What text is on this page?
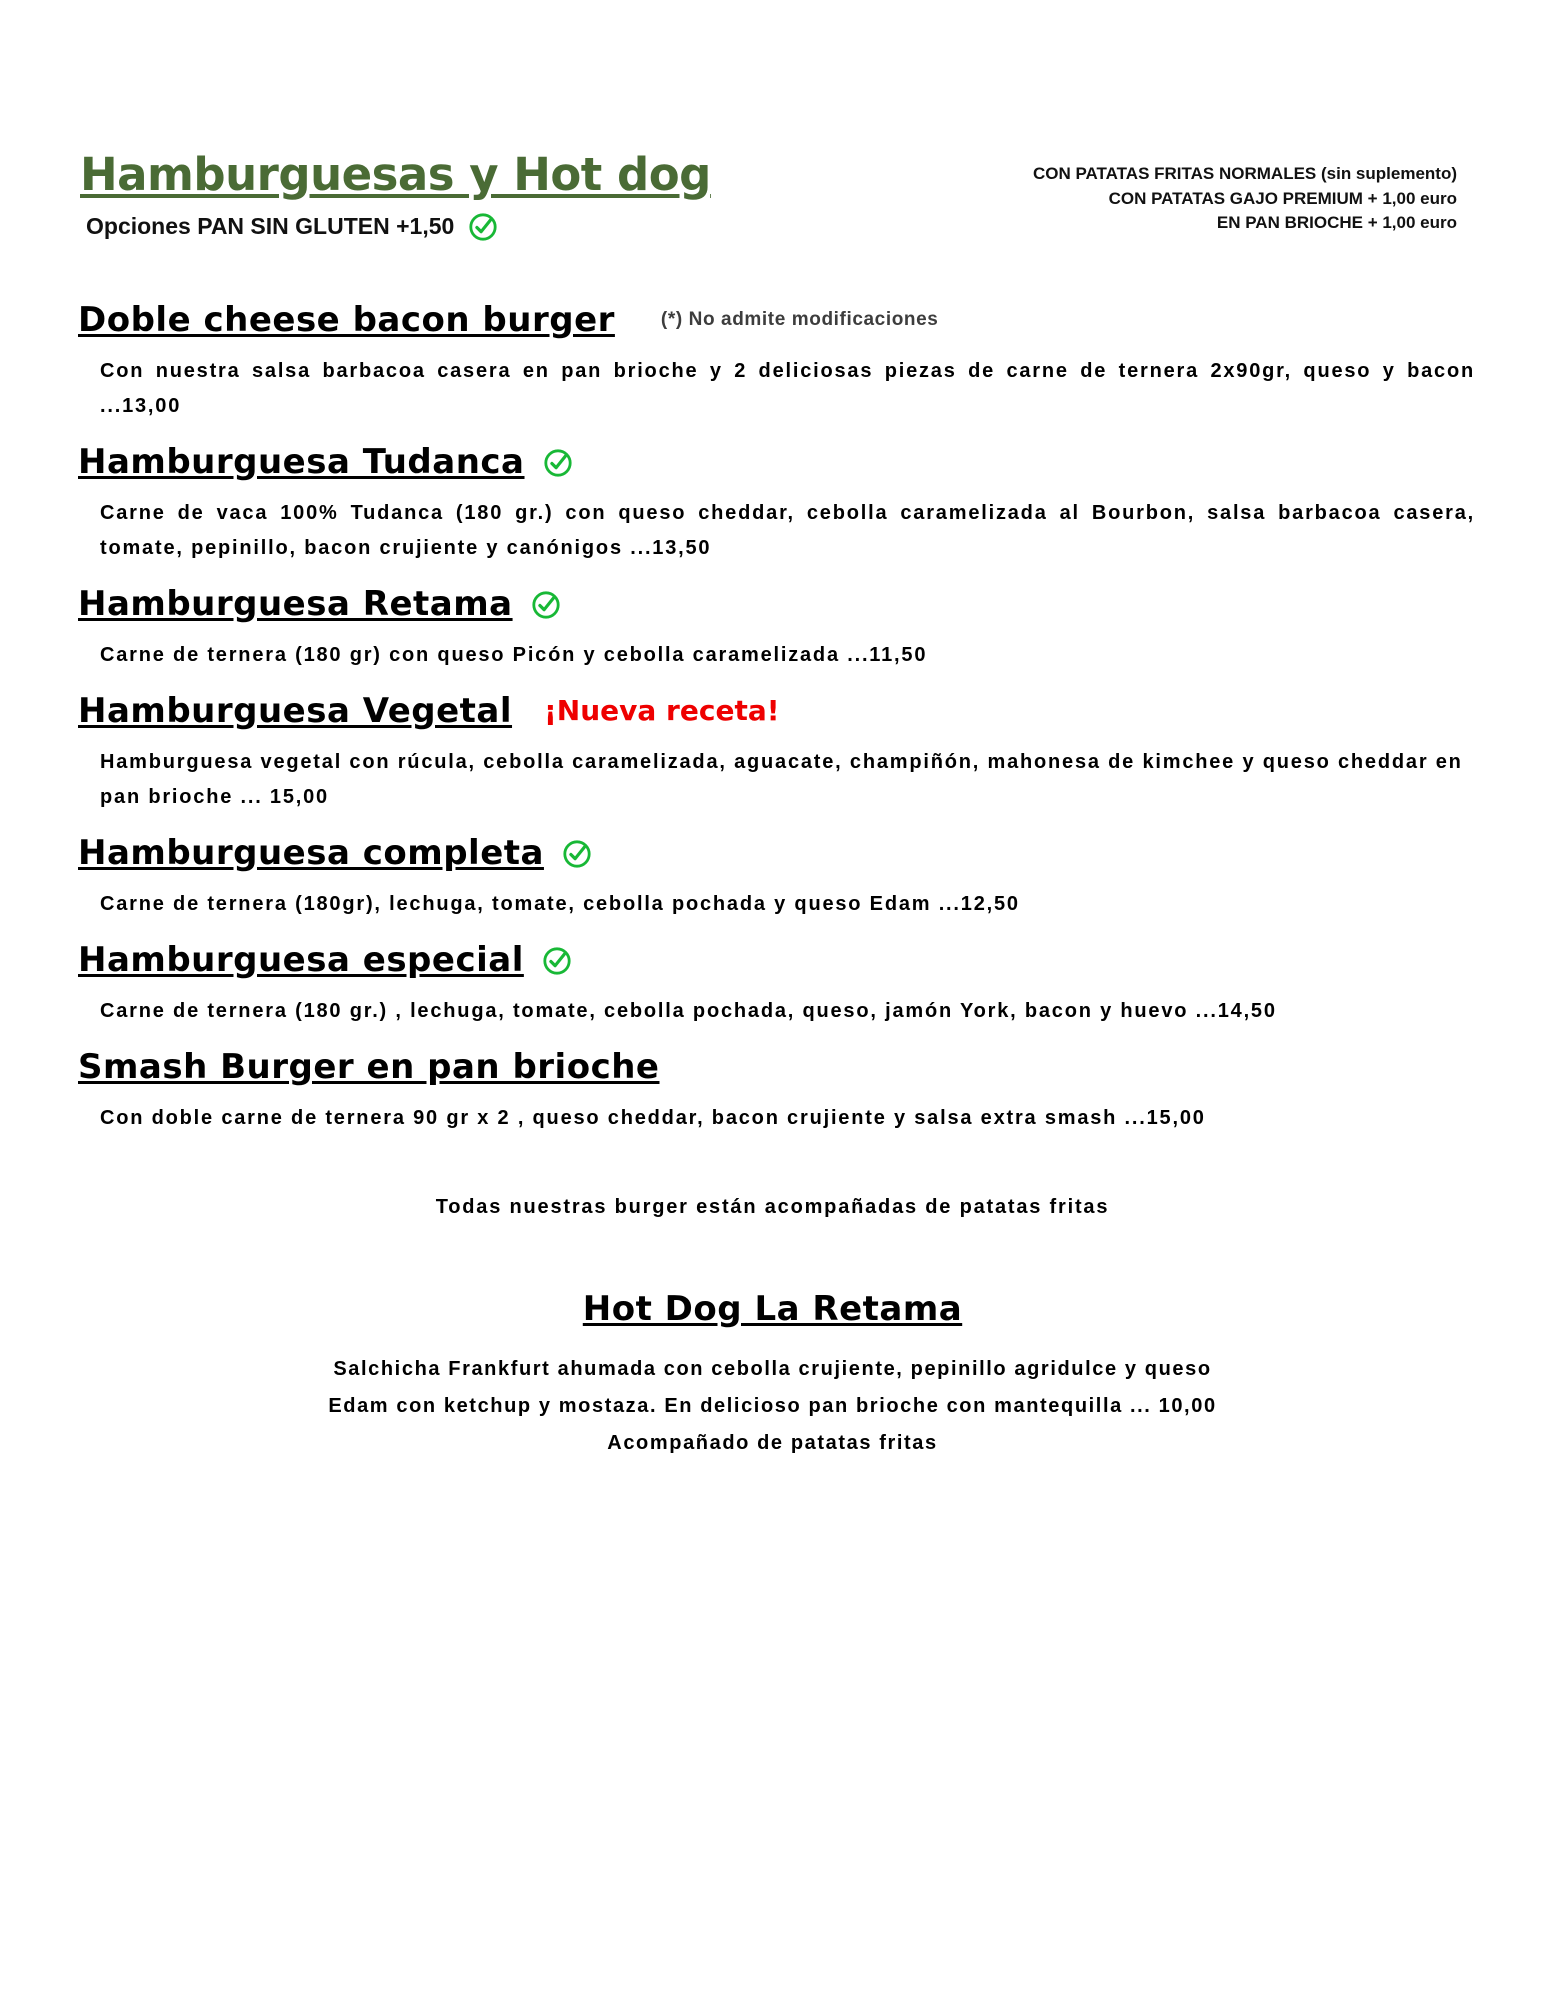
Hamburguesas y Hot dog
Opciones PAN SIN GLUTEN +1,50
CON PATATAS FRITAS NORMALES (sin suplemento)
CON PATATAS GAJO PREMIUM + 1,00 euro
EN PAN BRIOCHE + 1,00 euro
Doble cheese bacon burger (*) No admite modificaciones
Con nuestra salsa barbacoa casera en pan brioche y 2 deliciosas piezas de carne de ternera 2x90gr, queso y bacon ...13,00
Hamburguesa Tudanca
Carne de vaca 100% Tudanca (180 gr.) con queso cheddar, cebolla caramelizada al Bourbon, salsa barbacoa casera, tomate, pepinillo, bacon crujiente y canónigos ...13,50
Hamburguesa Retama
Carne de ternera (180 gr) con queso Picón y cebolla caramelizada ...11,50
Hamburguesa Vegetal ¡Nueva receta!
Hamburguesa vegetal con rúcula, cebolla caramelizada, aguacate, champiñón, mahonesa de kimchee y queso cheddar en pan brioche ... 15,00
Hamburguesa completa
Carne de ternera (180gr), lechuga, tomate, cebolla pochada y queso Edam ...12,50
Hamburguesa especial
Carne de ternera (180 gr.) , lechuga, tomate, cebolla pochada, queso, jamón York, bacon y huevo ...14,50
Smash Burger en pan brioche
Con doble carne de ternera 90 gr x 2 , queso cheddar, bacon crujiente y salsa extra smash ...15,00
Todas nuestras burger están acompañadas de patatas fritas
Hot Dog La Retama
Salchicha Frankfurt ahumada con cebolla crujiente, pepinillo agridulce y queso
Edam con ketchup y mostaza. En delicioso pan brioche con mantequilla ... 10,00
Acompañado de patatas fritas
